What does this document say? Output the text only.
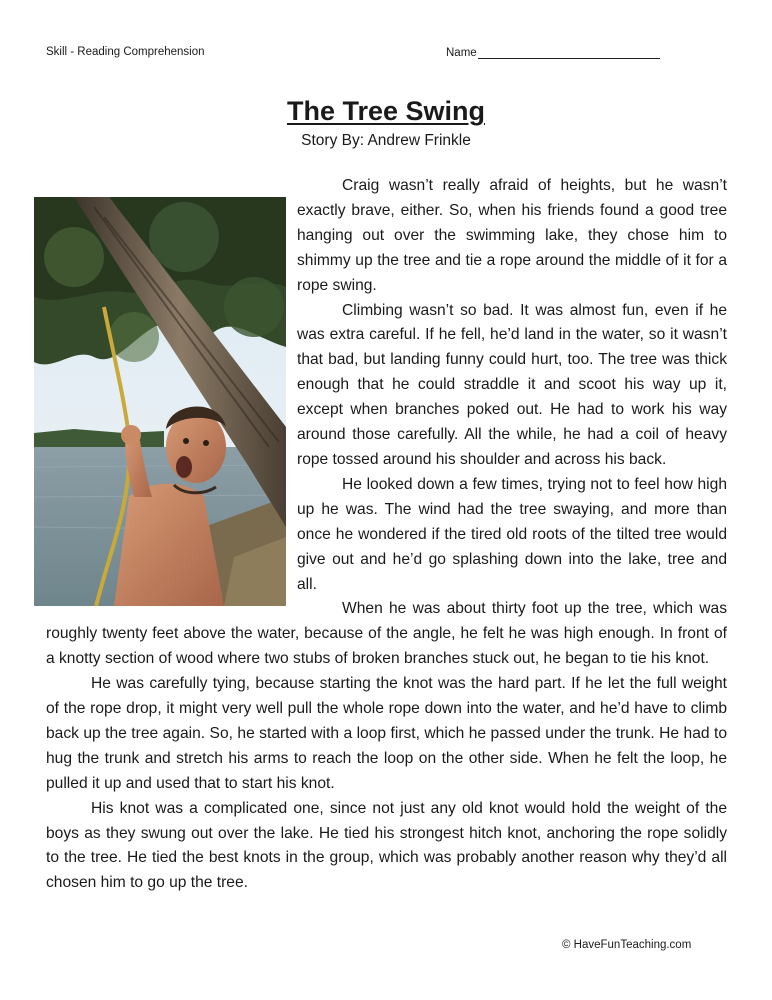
Skill - Reading Comprehension	Name
The Tree Swing
Story By: Andrew Frinkle

Craig wasn’t really afraid of heights, but he wasn’t exactly brave, either. So, when his friends found a good tree hanging out over the swimming lake, they chose him to shimmy up the tree and tie a rope around the middle of it for a rope swing.

Climbing wasn’t so bad. It was almost fun, even if he was extra careful. If he fell, he’d land in the water, so it wasn’t that bad, but landing funny could hurt, too. The tree was thick enough that he could straddle it and scoot his way up it, except when branches poked out. He had to work his way around those carefully. All the while, he had a coil of heavy rope tossed around his shoulder and across his back.

He looked down a few times, trying not to feel how high up he was. The wind had the tree swaying, and more than once he wondered if the tired old roots of the tilted tree would give out and he’d go splashing down into the lake, tree and all.

When he was about thirty foot up the tree, which was roughly twenty feet above the water, because of the angle, he felt he was high enough. In front of a knotty section of wood where two stubs of broken branches stuck out, he began to tie his knot.

He was carefully tying, because starting the knot was the hard part. If he let the full weight of the rope drop, it might very well pull the whole rope down into the water, and he’d have to climb back up the tree again. So, he started with a loop first, which he passed under the trunk. He had to hug the trunk and stretch his arms to reach the loop on the other side. When he felt the loop, he pulled it up and used that to start his knot.

His knot was a complicated one, since not just any old knot would hold the weight of the boys as they swung out over the lake. He tied his strongest hitch knot, anchoring the rope solidly to the tree. He tied the best knots in the group, which was probably another reason why they’d all chosen him to go up the tree.

© HaveFunTeaching.com
